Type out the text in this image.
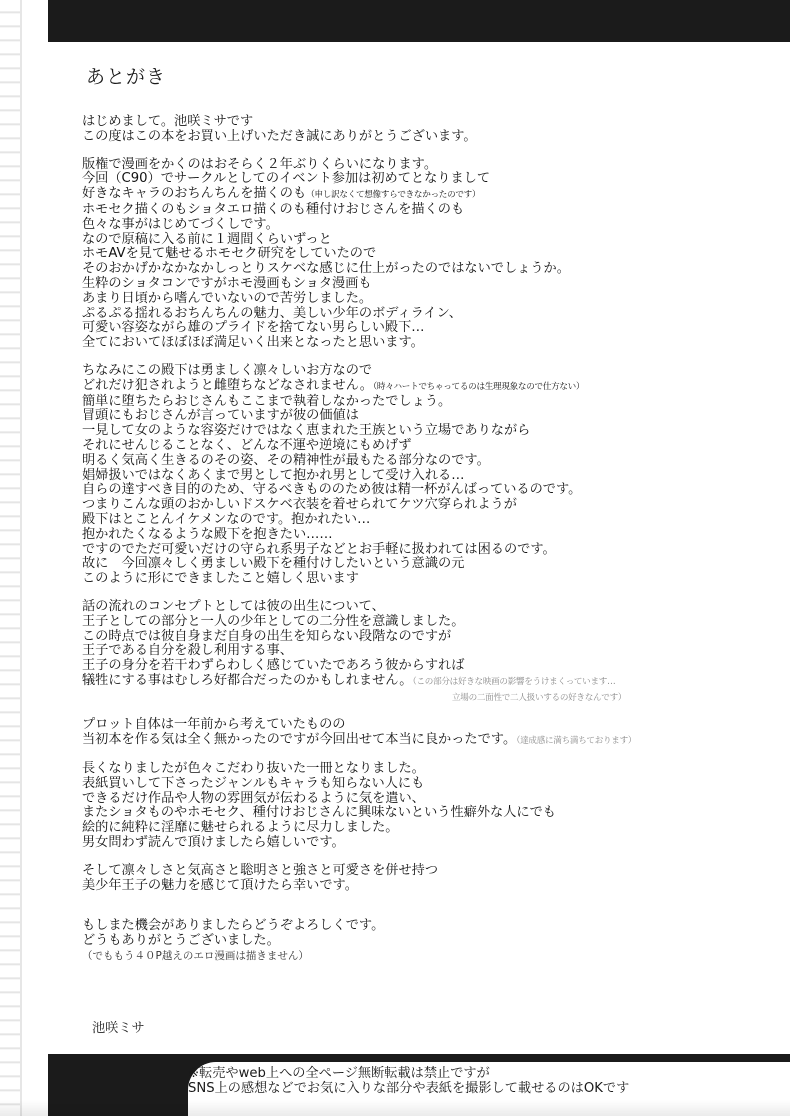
あとがき
はじめまして。池咲ミサです
この度はこの本をお買い上げいただき誠にありがとうございます。
版権で漫画をかくのはおそらく２年ぶりくらいになります。
今回（C90）でサークルとしてのイベント参加は初めてとなりまして
好きなキャラのおちんちんを描くのも（申し訳なくて想像すらできなかったのです）
ホモセク描くのもショタエロ描くのも種付けおじさんを描くのも
色々な事がはじめてづくしです。
なので原稿に入る前に１週間くらいずっと
ホモAVを見て魅せるホモセク研究をしていたので
そのおかげかなかなかしっとりスケベな感じに仕上がったのではないでしょうか。
生粋のショタコンですがホモ漫画もショタ漫画も
あまり日頃から嗜んでいないので苦労しました。
ぷるぷる揺れるおちんちんの魅力、美しい少年のボディライン、
可愛い容姿ながら雄のプライドを捨てない男らしい殿下…
全てにおいてほぼほぼ満足いく出来となったと思います。
ちなみにこの殿下は勇ましく凛々しいお方なので
どれだけ犯されようと雌堕ちなどなされません。（時々ハートでちゃってるのは生理現象なので仕方ない）
簡単に堕ちたらおじさんもここまで執着しなかったでしょう。
冒頭にもおじさんが言っていますが彼の価値は
一見して女のような容姿だけではなく恵まれた王族という立場でありながら
それにせんじることなく、どんな不運や逆境にもめげず
明るく気高く生きるのその姿、その精神性が最もたる部分なのです。
娼婦扱いではなくあくまで男として抱かれ男として受け入れる…
自らの達すべき目的のため、守るべきもののため彼は精一杯がんばっているのです。
つまりこんな頭のおかしいドスケベ衣装を着せられてケツ穴穿られようが
殿下はとことんイケメンなのです。抱かれたい…
抱かれたくなるような殿下を抱きたい……
ですのでただ可愛いだけの守られ系男子などとお手軽に扱われては困るのです。
故に　今回凛々しく勇ましい殿下を種付けしたいという意識の元
このように形にできましたこと嬉しく思います
話の流れのコンセプトとしては彼の出生について、
王子としての部分と一人の少年としての二分性を意識しました。
この時点では彼自身まだ自身の出生を知らない段階なのですが
王子である自分を殺し利用する事、
王子の身分を若干わずらわしく感じていたであろう彼からすれば
犠牲にする事はむしろ好都合だったのかもしれません。（この部分は好きな映画の影響をうけまくっています…
立場の二面性で二人扱いするの好きなんです）
プロット自体は一年前から考えていたものの
当初本を作る気は全く無かったのですが今回出せて本当に良かったです。（達成感に満ち満ちております）
長くなりましたが色々こだわり抜いた一冊となりました。
表紙買いして下さったジャンルもキャラも知らない人にも
できるだけ作品や人物の雰囲気が伝わるように気を遣い、
またショタものやホモセク、種付けおじさんに興味ないという性癖外な人にでも
絵的に純粋に淫靡に魅せられるように尽力しました。
男女問わず読んで頂けましたら嬉しいです。
そして凛々しさと気高さと聡明さと強さと可愛さを併せ持つ
美少年王子の魅力を感じて頂けたら幸いです。
もしまた機会がありましたらどうぞよろしくです。
どうもありがとうございました。
（でももう４０P越えのエロ漫画は描きません）
池咲ミサ
※転売やweb上への全ページ無断転載は禁止ですが
SNS上の感想などでお気に入りな部分や表紙を撮影して載せるのはOKです
